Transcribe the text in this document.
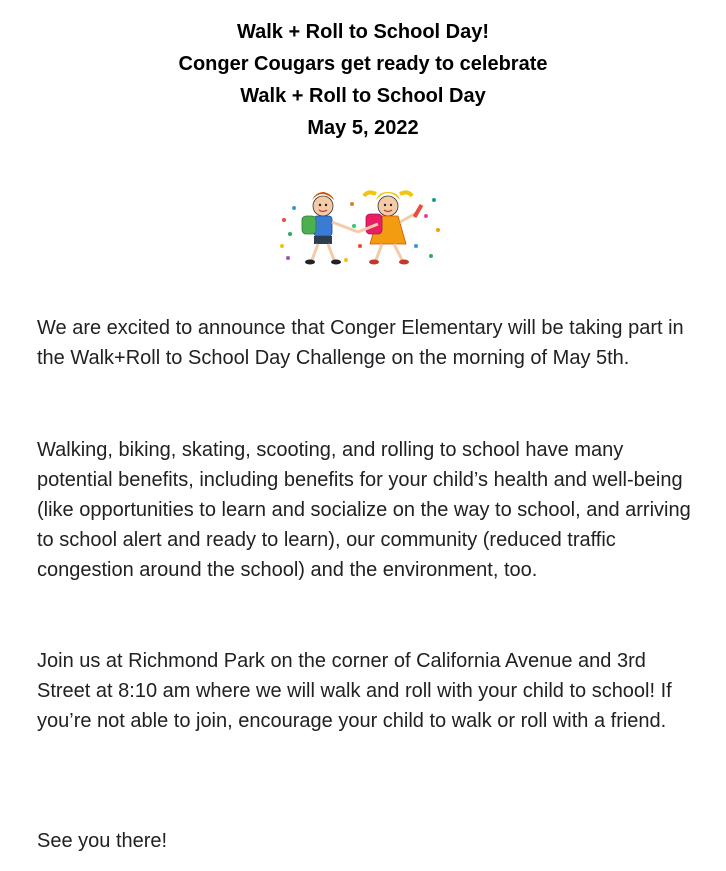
Walk + Roll to School Day!
Conger Cougars get ready to celebrate
Walk + Roll to School Day
May 5, 2022

We are excited to announce that Conger Elementary will be taking part in the Walk+Roll to School Day Challenge on the morning of May 5th.

Walking, biking, skating, scooting, and rolling to school have many potential benefits, including benefits for your child’s health and well-being (like opportunities to learn and socialize on the way to school, and arriving to school alert and ready to learn), our community (reduced traffic congestion around the school) and the environment, too.

Join us at Richmond Park on the corner of California Avenue and 3rd Street at 8:10 am where we will walk and roll with your child to school! If you’re not able to join, encourage your child to walk or roll with a friend.

See you there!
